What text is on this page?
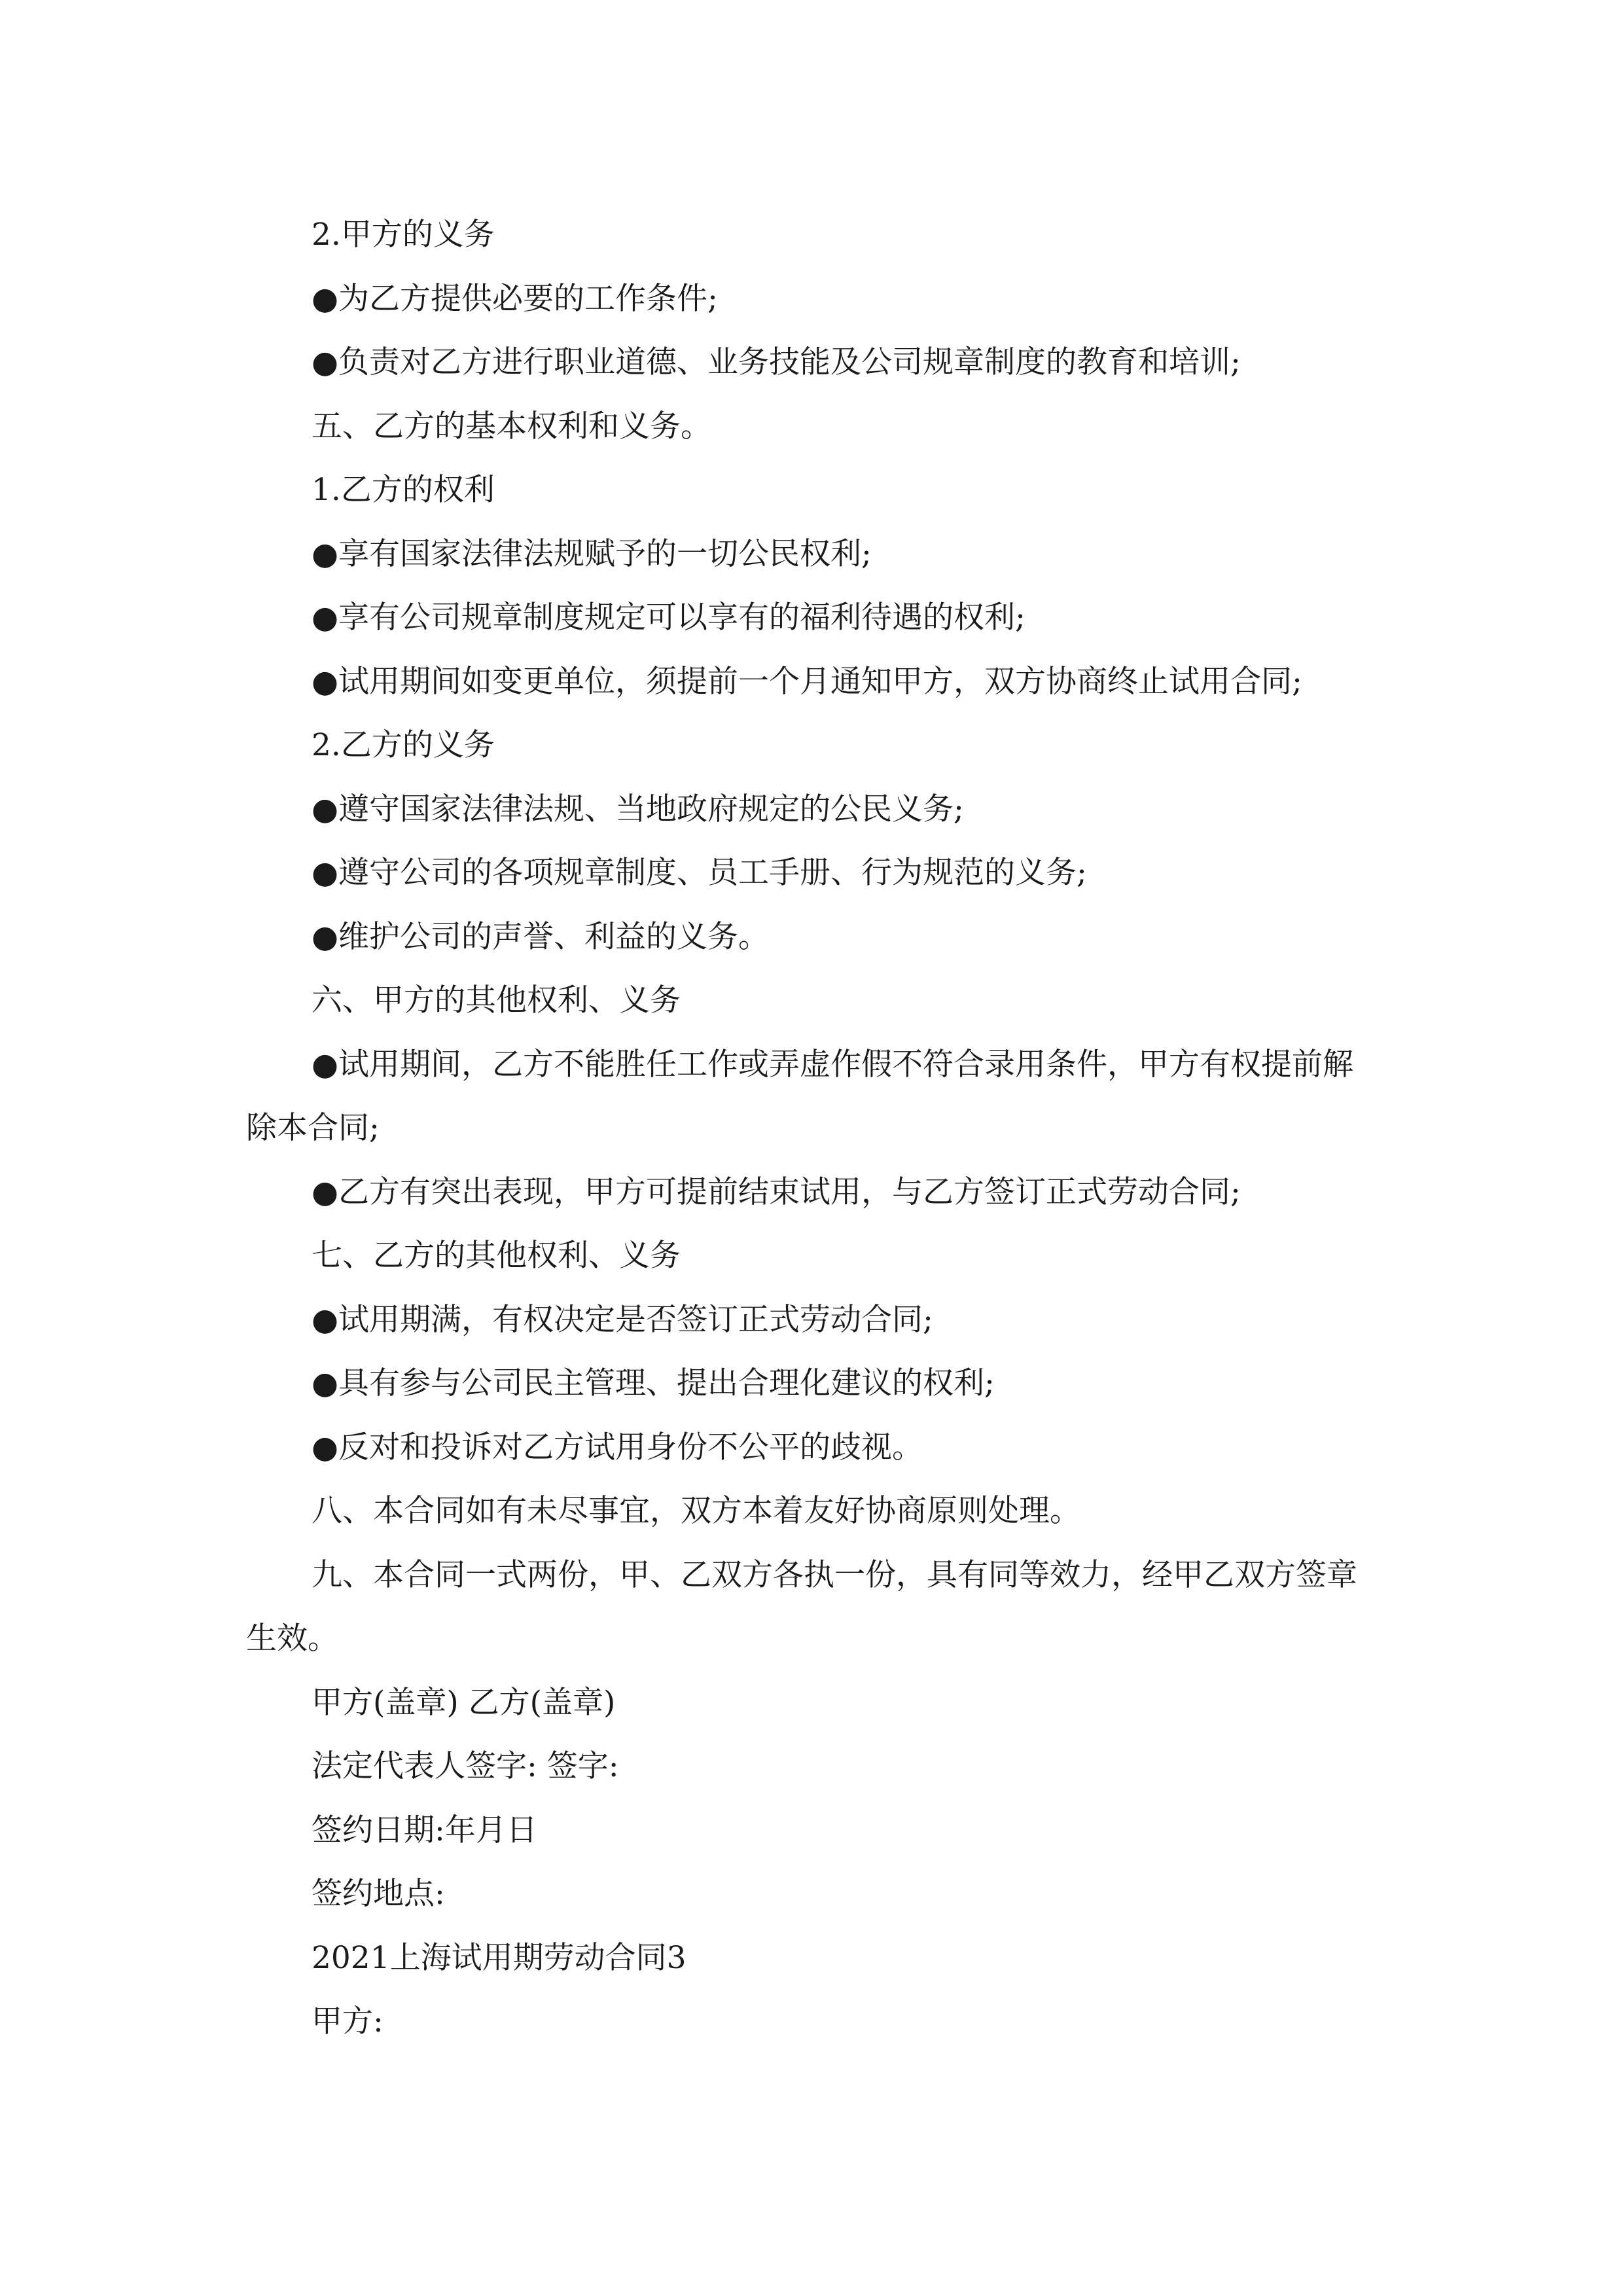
2.甲方的义务

●为乙方提供必要的工作条件;

●负责对乙方进行职业道德、业务技能及公司规章制度的教育和培训;

五、乙方的基本权利和义务。

1.乙方的权利

●享有国家法律法规赋予的一切公民权利;

●享有公司规章制度规定可以享有的福利待遇的权利;

●试用期间如变更单位，须提前一个月通知甲方，双方协商终止试用合同;

2.乙方的义务

●遵守国家法律法规、当地政府规定的公民义务;

●遵守公司的各项规章制度、员工手册、行为规范的义务;

●维护公司的声誉、利益的义务。

六、甲方的其他权利、义务

●试用期间，乙方不能胜任工作或弄虚作假不符合录用条件，甲方有权提前解除本合同;

●乙方有突出表现，甲方可提前结束试用，与乙方签订正式劳动合同;

七、乙方的其他权利、义务

●试用期满，有权决定是否签订正式劳动合同;

●具有参与公司民主管理、提出合理化建议的权利;

●反对和投诉对乙方试用身份不公平的歧视。

八、本合同如有未尽事宜，双方本着友好协商原则处理。

九、本合同一式两份，甲、乙双方各执一份，具有同等效力，经甲乙双方签章生效。

甲方(盖章) 乙方(盖章)

法定代表人签字: 签字:

签约日期:年月日

签约地点:

2021上海试用期劳动合同3

甲方:
